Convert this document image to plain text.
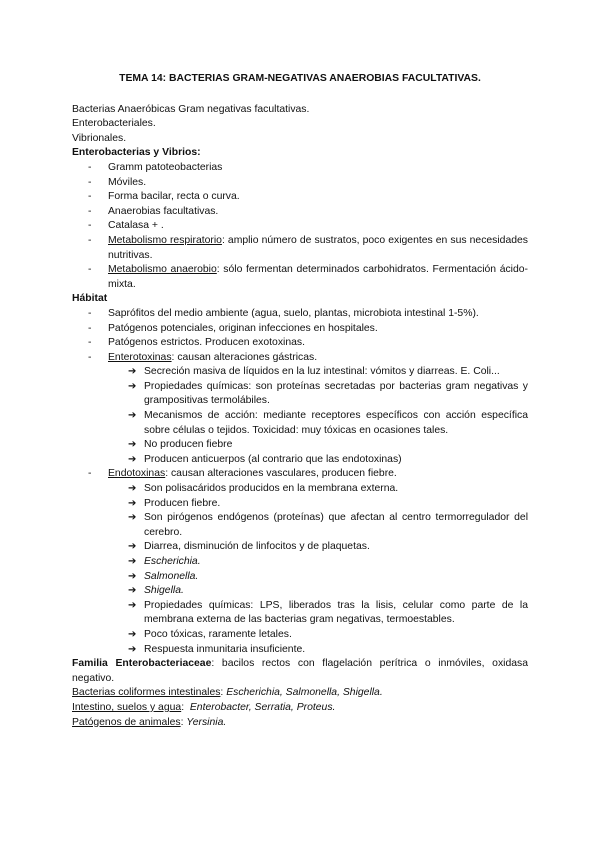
TEMA 14: BACTERIAS GRAM-NEGATIVAS ANAEROBIAS FACULTATIVAS.
Bacterias Anaeróbicas Gram negativas facultativas.
Enterobacteriales.
Vibrionales.
Enterobacterias y Vibrios:
- Gramm patoteobacterias
- Móviles.
- Forma bacilar, recta o curva.
- Anaerobias facultativas.
- Catalasa + .
- Metabolismo respiratorio: amplio número de sustratos, poco exigentes en sus necesidades nutritivas.
- Metabolismo anaerobio: sólo fermentan determinados carbohidratos. Fermentación ácido-mixta.
Hábitat
- Saprófitos del medio ambiente (agua, suelo, plantas, microbiota intestinal 1-5%).
- Patógenos potenciales, originan infecciones en hospitales.
- Patógenos estrictos. Producen exotoxinas.
- Enterotoxinas: causan alteraciones gástricas.
➔ Secreción masiva de líquidos en la luz intestinal: vómitos y diarreas. E. Coli...
➔ Propiedades químicas: son proteínas secretadas por bacterias gram negativas y grampositivas termolábiles.
➔ Mecanismos de acción: mediante receptores específicos con acción específica sobre células o tejidos. Toxicidad: muy tóxicas en ocasiones tales.
➔ No producen fiebre
➔ Producen anticuerpos (al contrario que las endotoxinas)
- Endotoxinas: causan alteraciones vasculares, producen fiebre.
➔ Son polisacáridos producidos en la membrana externa.
➔ Producen fiebre.
➔ Son pirógenos endógenos (proteínas) que afectan al centro termorregulador del cerebro.
➔ Diarrea, disminución de linfocitos y de plaquetas.
➔ Escherichia.
➔ Salmonella.
➔ Shigella.
➔ Propiedades químicas: LPS, liberados tras la lisis, celular como parte de la membrana externa de las bacterias gram negativas, termoestables.
➔ Poco tóxicas, raramente letales.
➔ Respuesta inmunitaria insuficiente.
Familia Enterobacteriaceae: bacilos rectos con flagelación perítrica o inmóviles, oxidasa negativo.
Bacterias coliformes intestinales: Escherichia, Salmonella, Shigella.
Intestino, suelos y agua:  Enterobacter, Serratia, Proteus.
Patógenos de animales: Yersinia.
